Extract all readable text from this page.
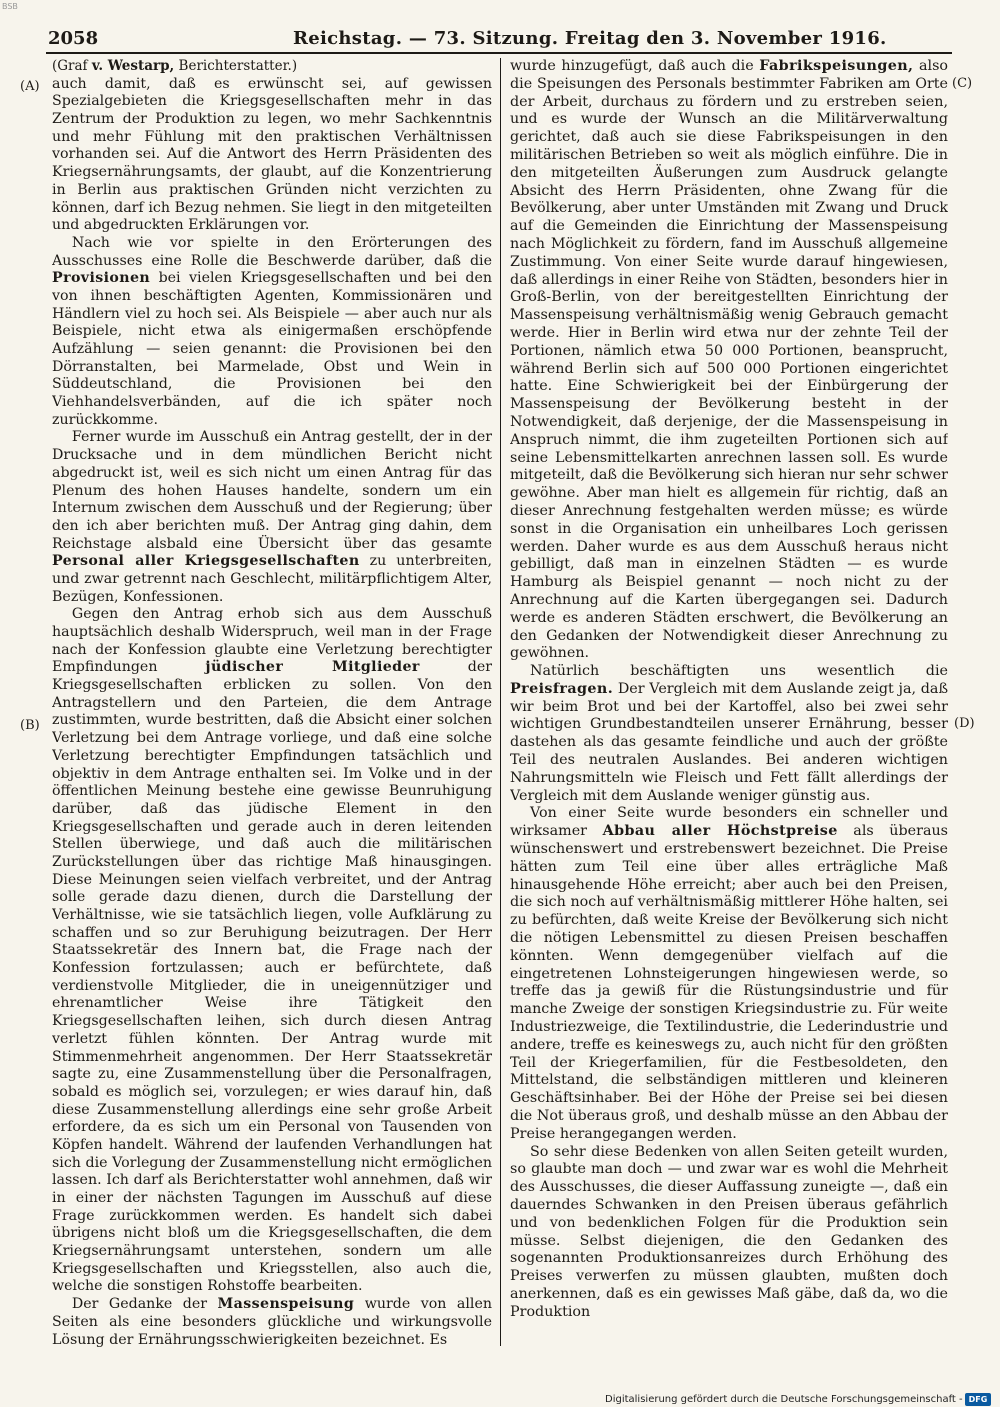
BSB
2058	Reichstag. — 73. Sitzung. Freitag den 3. November 1916.
(A)
(B)
(C)
(D)

(Graf v. Westarp, Berichterstatter.)

auch damit, daß es erwünscht sei, auf gewissen Spezialgebieten die Kriegsgesellschaften mehr in das Zentrum der Produktion zu legen, wo mehr Sachkenntnis und mehr Fühlung mit den praktischen Verhältnissen vorhanden sei. Auf die Antwort des Herrn Präsidenten des Kriegsernährungsamts, der glaubt, auf die Konzentrierung in Berlin aus praktischen Gründen nicht verzichten zu können, darf ich Bezug nehmen. Sie liegt in den mitgeteilten und abgedruckten Erklärungen vor.

Nach wie vor spielte in den Erörterungen des Ausschusses eine Rolle die Beschwerde darüber, daß die Provisionen bei vielen Kriegsgesellschaften und bei den von ihnen beschäftigten Agenten, Kommissionären und Händlern viel zu hoch sei. Als Beispiele — aber auch nur als Beispiele, nicht etwa als einigermaßen erschöpfende Aufzählung — seien genannt: die Provisionen bei den Dörranstalten, bei Marmelade, Obst und Wein in Süddeutschland, die Provisionen bei den Viehhandelsverbänden, auf die ich später noch zurückkomme.

Ferner wurde im Ausschuß ein Antrag gestellt, der in der Drucksache und in dem mündlichen Bericht nicht abgedruckt ist, weil es sich nicht um einen Antrag für das Plenum des hohen Hauses handelte, sondern um ein Internum zwischen dem Ausschuß und der Regierung; über den ich aber berichten muß. Der Antrag ging dahin, dem Reichstage alsbald eine Übersicht über das gesamte Personal aller Kriegsgesellschaften zu unterbreiten, und zwar getrennt nach Geschlecht, militärpflichtigem Alter, Bezügen, Konfessionen.

Gegen den Antrag erhob sich aus dem Ausschuß hauptsächlich deshalb Widerspruch, weil man in der Frage nach der Konfession glaubte eine Verletzung berechtigter Empfindungen	jüdischer Mitglieder	der Kriegsgesellschaften erblicken zu sollen. Von den Antragstellern und den Parteien, die dem Antrage zustimmten, wurde bestritten, daß die Absicht einer solchen Verletzung bei dem Antrage vorliege, und daß eine solche Verletzung berechtigter Empfindungen tatsächlich und objektiv in dem Antrage enthalten sei. Im Volke und in der öffentlichen Meinung bestehe eine gewisse Beunruhigung darüber, daß das jüdische Element in den Kriegsgesellschaften und gerade auch in deren leitenden Stellen überwiege, und daß auch die militärischen Zurückstellungen über das richtige Maß hinausgingen. Diese Meinungen seien vielfach verbreitet, und der Antrag solle gerade dazu dienen, durch die Darstellung der Verhältnisse, wie sie tatsächlich liegen, volle Aufklärung zu schaffen und so zur Beruhigung beizutragen. Der Herr Staatssekretär des Innern bat, die Frage nach der Konfession fortzulassen; auch er befürchtete, daß verdienstvolle Mitglieder, die in uneigennütziger und ehrenamtlicher Weise ihre Tätigkeit den Kriegsgesellschaften leihen, sich durch diesen Antrag verletzt fühlen könnten. Der Antrag wurde mit Stimmenmehrheit angenommen. Der Herr Staatssekretär sagte zu, eine Zusammenstellung über die Personalfragen, sobald es möglich sei, vorzulegen; er wies darauf hin, daß diese Zusammenstellung allerdings eine sehr große Arbeit erfordere, da es sich um ein Personal von Tausenden von Köpfen handelt. Während der laufenden Verhandlungen hat sich die Vorlegung der Zusammenstellung nicht ermöglichen lassen. Ich darf als Berichterstatter wohl annehmen, daß wir in einer der nächsten Tagungen im Ausschuß auf diese Frage zurückkommen werden. Es handelt sich dabei übrigens nicht bloß um die Kriegsgesellschaften, die dem Kriegsernährungsamt unterstehen, sondern um alle Kriegsgesellschaften und Kriegsstellen, also auch die, welche die sonstigen Rohstoffe bearbeiten.

Der Gedanke der Massenspeisung wurde von allen Seiten als eine besonders glückliche und wirkungsvolle Lösung der Ernährungsschwierigkeiten bezeichnet. Es

wurde hinzugefügt, daß auch die Fabrikspeisungen, also die Speisungen des Personals bestimmter Fabriken am Orte der Arbeit, durchaus zu fördern und zu erstreben seien, und es wurde der Wunsch an die Militärverwaltung gerichtet, daß auch sie diese Fabrikspeisungen in den militärischen Betrieben so weit als möglich einführe. Die in den mitgeteilten Äußerungen zum Ausdruck gelangte Absicht des Herrn Präsidenten, ohne Zwang für die Bevölkerung, aber unter Umständen mit Zwang und Druck auf die Gemeinden die Einrichtung der Massenspeisung nach Möglichkeit zu fördern, fand im Ausschuß allgemeine Zustimmung. Von einer Seite wurde darauf hingewiesen, daß allerdings in einer Reihe von Städten, besonders hier in Groß-Berlin, von der bereitgestellten Einrichtung der Massenspeisung verhältnismäßig wenig Gebrauch gemacht werde. Hier in Berlin wird etwa nur der zehnte Teil der Portionen, nämlich etwa 50 000 Portionen, beansprucht, während Berlin sich auf 500 000 Portionen eingerichtet hatte. Eine Schwierigkeit bei der Einbürgerung der Massenspeisung der Bevölkerung besteht in der Notwendigkeit, daß derjenige, der die Massenspeisung in Anspruch nimmt, die ihm zugeteilten Portionen sich auf seine Lebensmittelkarten anrechnen lassen soll. Es wurde mitgeteilt, daß die Bevölkerung sich hieran nur sehr schwer gewöhne. Aber man hielt es allgemein für richtig, daß an dieser Anrechnung festgehalten werden müsse; es würde sonst in die Organisation ein unheilbares Loch gerissen werden. Daher wurde es aus dem Ausschuß heraus nicht gebilligt, daß man in einzelnen Städten — es wurde Hamburg als Beispiel genannt — noch nicht zu der Anrechnung auf die Karten übergegangen sei. Dadurch werde es anderen Städten erschwert, die Bevölkerung an den Gedanken der Notwendigkeit dieser Anrechnung zu gewöhnen.

Natürlich beschäftigten uns wesentlich die Preisfragen. Der Vergleich mit dem Auslande zeigt ja, daß wir beim Brot und bei der Kartoffel, also bei zwei sehr wichtigen Grundbestandteilen unserer Ernährung, besser dastehen als das gesamte feindliche und auch der größte Teil des neutralen Auslandes. Bei anderen wichtigen Nahrungsmitteln wie Fleisch und Fett fällt allerdings der Vergleich mit dem Auslande weniger günstig aus.

Von einer Seite wurde besonders ein schneller und wirksamer Abbau aller Höchstpreise als überaus wünschenswert und erstrebenswert bezeichnet. Die Preise hätten zum Teil eine über alles erträgliche Maß hinausgehende Höhe erreicht; aber auch bei den Preisen, die sich noch auf verhältnismäßig mittlerer Höhe halten, sei zu befürchten, daß weite Kreise der Bevölkerung sich nicht die nötigen Lebensmittel zu diesen Preisen beschaffen könnten. Wenn demgegenüber vielfach auf die eingetretenen Lohnsteigerungen hingewiesen werde, so treffe das ja gewiß für die Rüstungsindustrie und für manche Zweige der sonstigen Kriegsindustrie zu. Für weite Industriezweige, die Textilindustrie, die Lederindustrie und andere, treffe es keineswegs zu, auch nicht für den größten Teil der Kriegerfamilien, für die Festbesoldeten, den Mittelstand, die selbständigen mittleren und kleineren Geschäftsinhaber. Bei der Höhe der Preise sei bei diesen die Not überaus groß, und deshalb müsse an den Abbau der Preise herangegangen werden.

So sehr diese Bedenken von allen Seiten geteilt wurden, so glaubte man doch — und zwar war es wohl die Mehrheit des Ausschusses, die dieser Auffassung zuneigte —, daß ein dauerndes Schwanken in den Preisen überaus gefährlich und von bedenklichen Folgen für die Produktion sein müsse. Selbst diejenigen, die den Gedanken des sogenannten Produktionsanreizes durch Erhöhung des Preises verwerfen zu müssen glaubten, mußten doch anerkennen, daß es ein gewisses Maß gäbe, daß da, wo die Produktion

Digitalisierung gefördert durch die Deutsche Forschungsgemeinschaft - DFG
